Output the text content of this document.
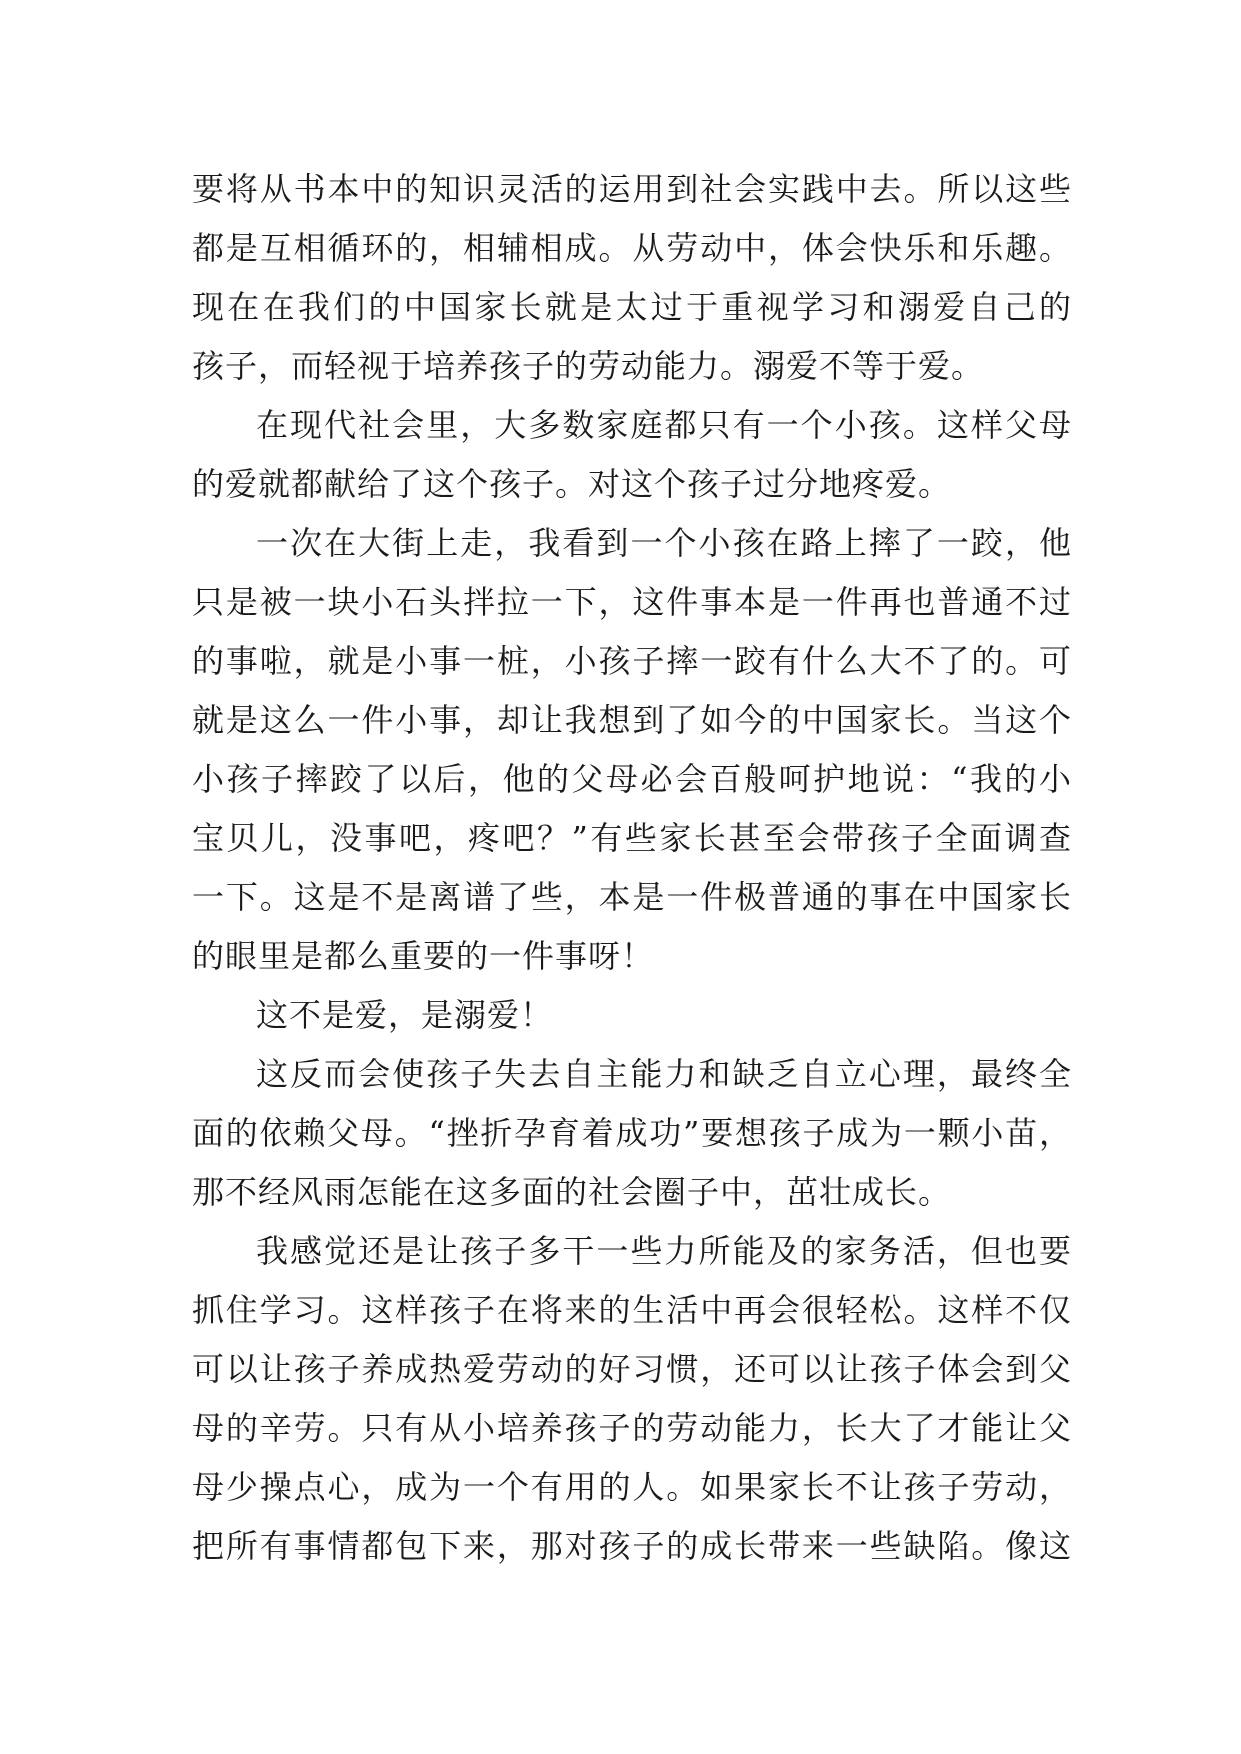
要将从书本中的知识灵活的运用到社会实践中去。所以这些
都是互相循环的，相辅相成。从劳动中，体会快乐和乐趣。
现在在我们的中国家长就是太过于重视学习和溺爱自己的
孩子，而轻视于培养孩子的劳动能力。溺爱不等于爱。
在现代社会里，大多数家庭都只有一个小孩。这样父母
的爱就都献给了这个孩子。对这个孩子过分地疼爱。
一次在大街上走，我看到一个小孩在路上摔了一跤，他
只是被一块小石头拌拉一下，这件事本是一件再也普通不过
的事啦，就是小事一桩，小孩子摔一跤有什么大不了的。可
就是这么一件小事，却让我想到了如今的中国家长。当这个
小孩子摔跤了以后，他的父母必会百般呵护地说：“我的小
宝贝儿，没事吧，疼吧？”有些家长甚至会带孩子全面调查
一下。这是不是离谱了些，本是一件极普通的事在中国家长
的眼里是都么重要的一件事呀！
这不是爱，是溺爱！
这反而会使孩子失去自主能力和缺乏自立心理，最终全
面的依赖父母。“挫折孕育着成功”要想孩子成为一颗小苗，
那不经风雨怎能在这多面的社会圈子中，茁壮成长。
我感觉还是让孩子多干一些力所能及的家务活，但也要
抓住学习。这样孩子在将来的生活中再会很轻松。这样不仅
可以让孩子养成热爱劳动的好习惯，还可以让孩子体会到父
母的辛劳。只有从小培养孩子的劳动能力，长大了才能让父
母少操点心，成为一个有用的人。如果家长不让孩子劳动，
把所有事情都包下来，那对孩子的成长带来一些缺陷。像这
